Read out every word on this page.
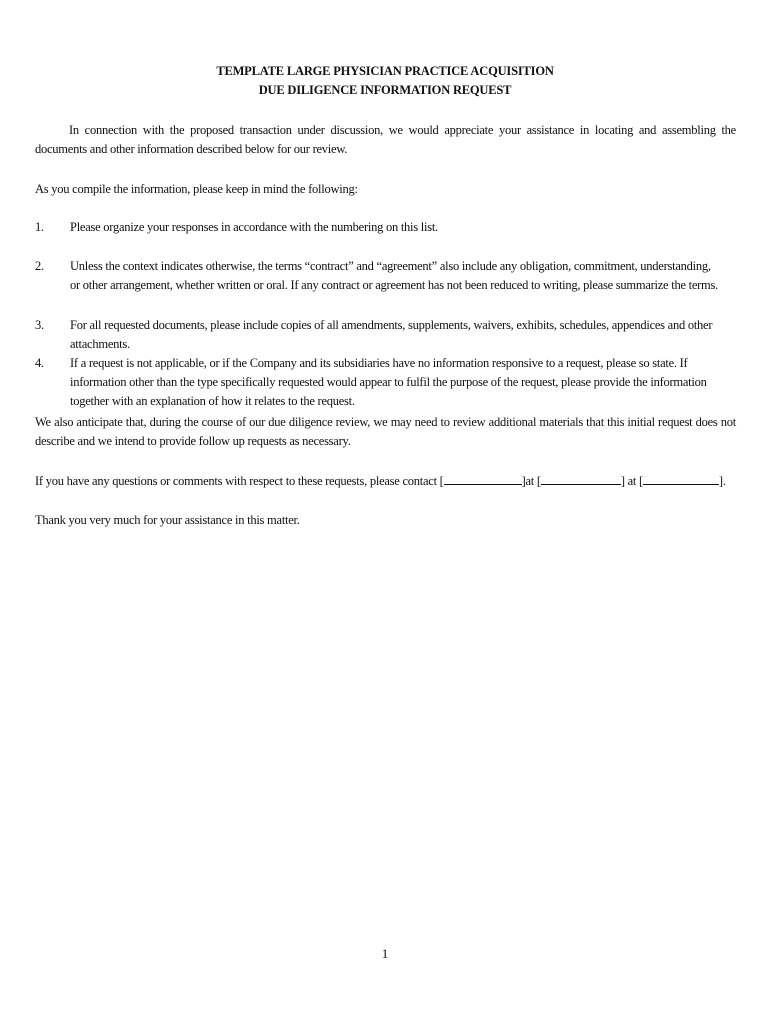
TEMPLATE LARGE PHYSICIAN PRACTICE ACQUISITION
DUE DILIGENCE INFORMATION REQUEST
In connection with the proposed transaction under discussion, we would appreciate your assistance in locating and assembling the documents and other information described below for our review.
As you compile the information, please keep in mind the following:
1.	Please organize your responses in accordance with the numbering on this list.
2.	Unless the context indicates otherwise, the terms “contract” and “agreement” also include any obligation, commitment, understanding, or other arrangement, whether written or oral. If any contract or agreement has not been reduced to writing, please summarize the terms.
3.	For all requested documents, please include copies of all amendments, supplements, waivers, exhibits, schedules, appendices and other attachments.
4.	If a request is not applicable, or if the Company and its subsidiaries have no information responsive to a request, please so state. If information other than the type specifically requested would appear to fulfil the purpose of the request, please provide the information together with an explanation of how it relates to the request.
We also anticipate that, during the course of our due diligence review, we may need to review additional materials that this initial request does not describe and we intend to provide follow up requests as necessary.
If you have any questions or comments with respect to these requests, please contact [	]at [	] at [	].
Thank you very much for your assistance in this matter.
1
